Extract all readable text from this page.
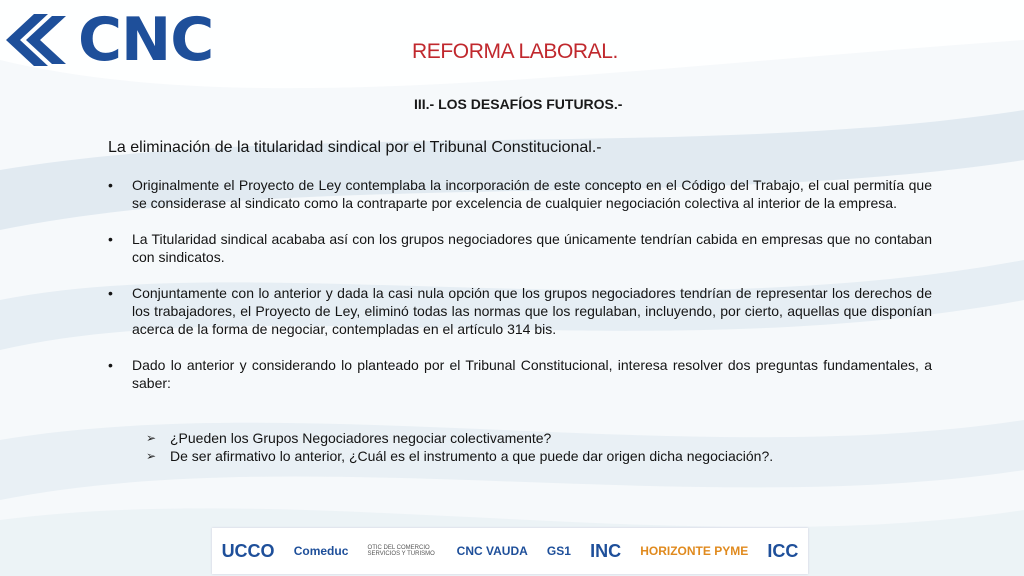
CNC	REFORMA LABORAL.
III.- LOS DESAFÍOS FUTUROS.-
La eliminación de la titularidad sindical por el Tribunal Constitucional.-
• Originalmente el Proyecto de Ley contemplaba la incorporación de este concepto en el Código del Trabajo, el cual permitía que se considerase al sindicato como la contraparte por excelencia de cualquier negociación colectiva al interior de la empresa.
• La Titularidad sindical acababa así con los grupos negociadores que únicamente tendrían cabida en empresas que no contaban con sindicatos.
• Conjuntamente con lo anterior y dada la casi nula opción que los grupos negociadores tendrían de representar los derechos de los trabajadores, el Proyecto de Ley, eliminó todas las normas que los regulaban, incluyendo, por cierto, aquellas que disponían acerca de la forma de negociar, contempladas en el artículo 314 bis.
• Dado lo anterior y considerando lo planteado por el Tribunal Constitucional, interesa resolver dos preguntas fundamentales, a saber:
➢ ¿Pueden los Grupos Negociadores negociar colectivamente?
➢ De ser afirmativo lo anterior, ¿Cuál es el instrumento a que puede dar origen dicha negociación?.
UCCO Comeduc	OTIC DEL COMERCIO SERVICIOS Y TURISMO CNC VAUDA GS1 INC HORIZONTE PYME ICC
